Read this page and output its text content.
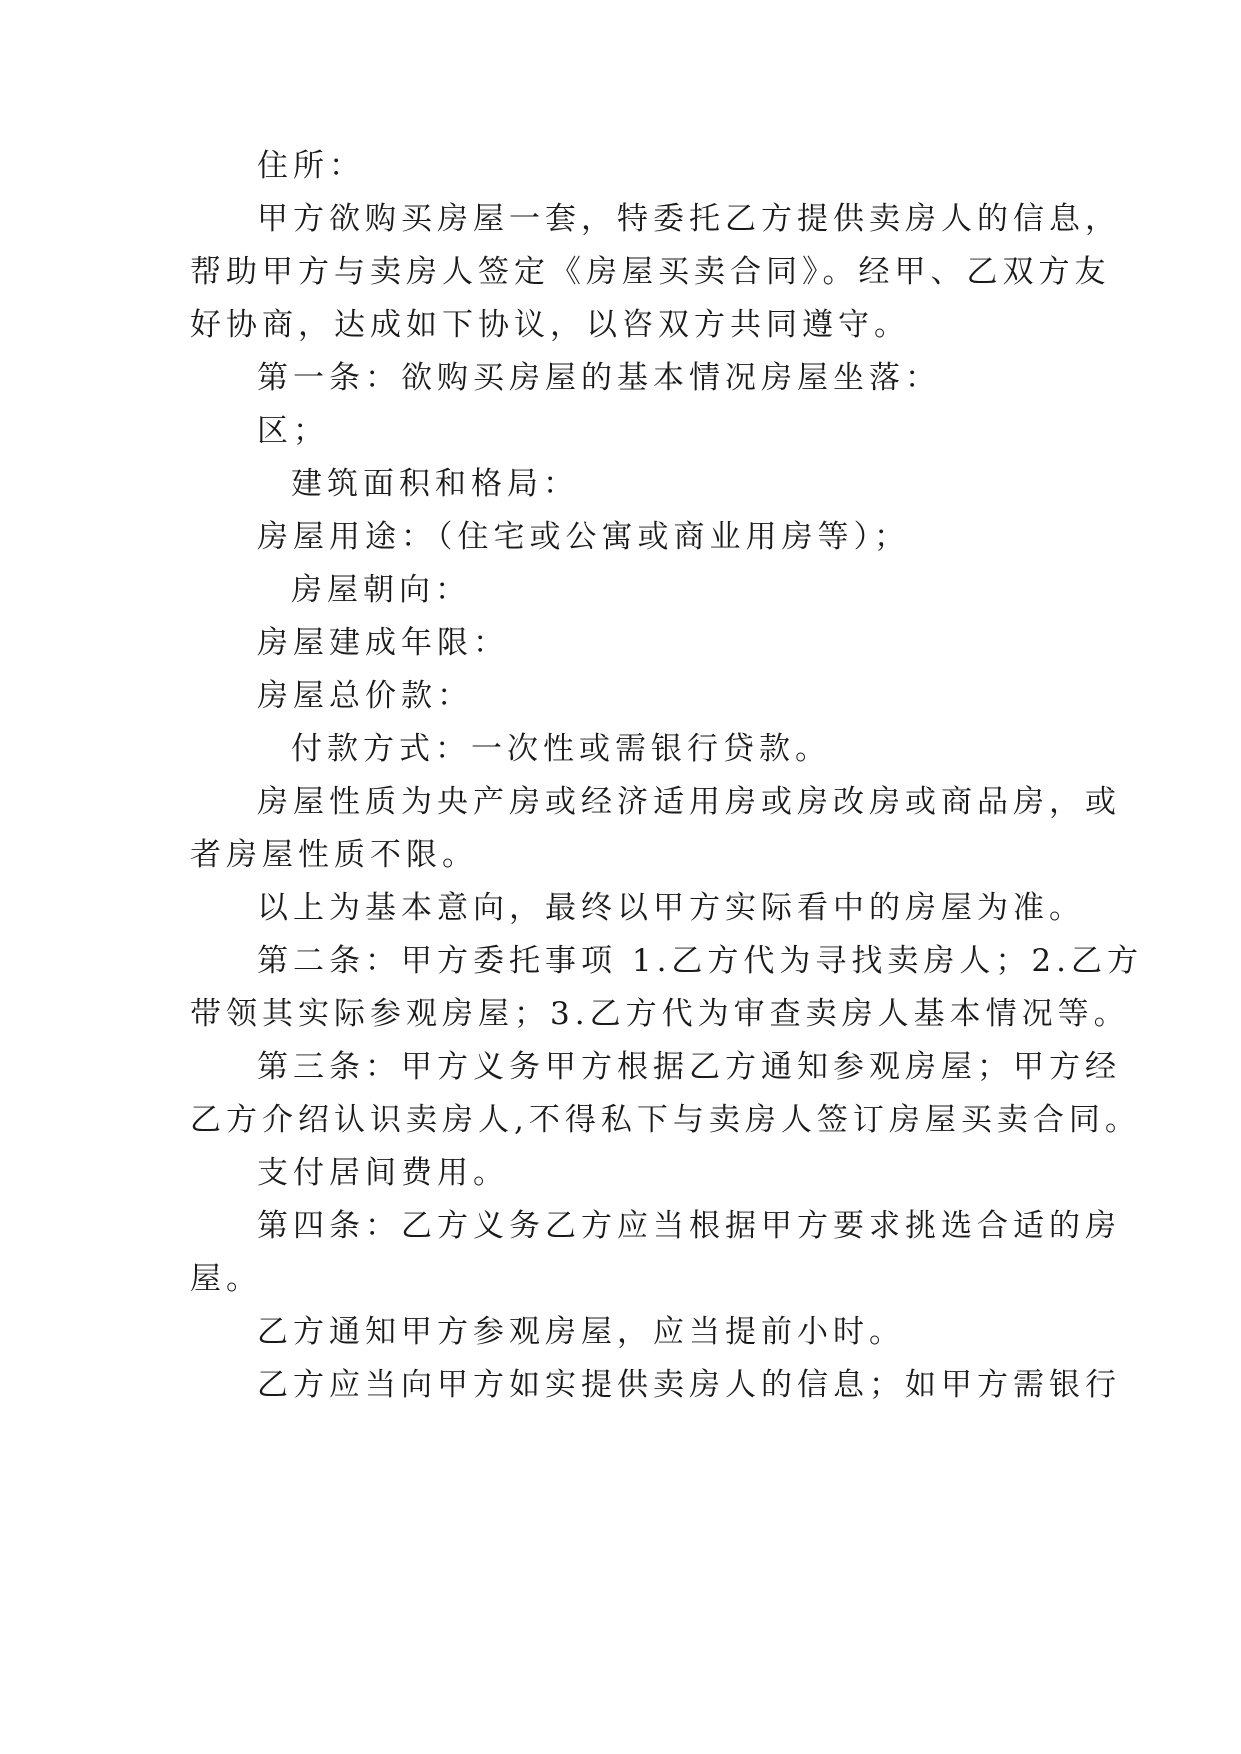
住所：
甲方欲购买房屋一套，特委托乙方提供卖房人的信息，
帮助甲方与卖房人签定《房屋买卖合同》。经甲、乙双方友
好协商，达成如下协议，以咨双方共同遵守。
第一条：欲购买房屋的基本情况房屋坐落：
区；
建筑面积和格局：
房屋用途：（住宅或公寓或商业用房等）；
房屋朝向：
房屋建成年限：
房屋总价款：
付款方式：一次性或需银行贷款。
房屋性质为央产房或经济适用房或房改房或商品房，或
者房屋性质不限。
以上为基本意向，最终以甲方实际看中的房屋为准。
第二条：甲方委托事项 1.乙方代为寻找卖房人；2.乙方
带领其实际参观房屋；3.乙方代为审查卖房人基本情况等。
第三条：甲方义务甲方根据乙方通知参观房屋；甲方经
乙方介绍认识卖房人,不得私下与卖房人签订房屋买卖合同。
支付居间费用。
第四条：乙方义务乙方应当根据甲方要求挑选合适的房
屋。
乙方通知甲方参观房屋，应当提前小时。
乙方应当向甲方如实提供卖房人的信息；如甲方需银行
